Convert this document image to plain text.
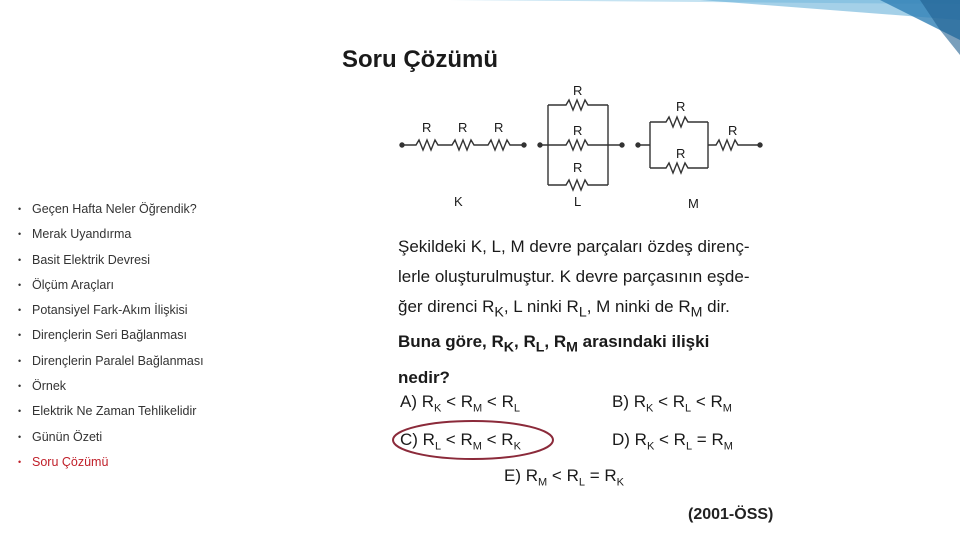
Soru Çözümü
• Geçen Hafta Neler Öğrendik?
• Merak Uyandırma
• Basit Elektrik Devresi
• Ölçüm Araçları
• Potansiyel Fark-Akım İlişkisi
• Dirençlerin Seri Bağlanması
• Dirençlerin Paralel Bağlanması
• Örnek
• Elektrik Ne Zaman Tehlikelidir
• Günün Özeti
• Soru Çözümü
R R R
R
R
R
R
R
R
K	L	M

Şekildeki K, L, M devre parçaları özdeş direnç-

lerle oluşturulmuştur. K devre parçasının eşde-

ğer direnci $R_K$, L ninki $R_L$, M ninki de $R_M$ dir.

Buna göre, $R_K$, $R_L$, $R_M$ arasındaki ilişki

nedir?

A) $R_K < R_M < R_L$	B) $R_K < R_L < R_M$
C) $R_L < R_M < R_K$	D) $R_K < R_L = R_M$
E) $R_M < R_L = R_K$
(2001-ÖSS)
